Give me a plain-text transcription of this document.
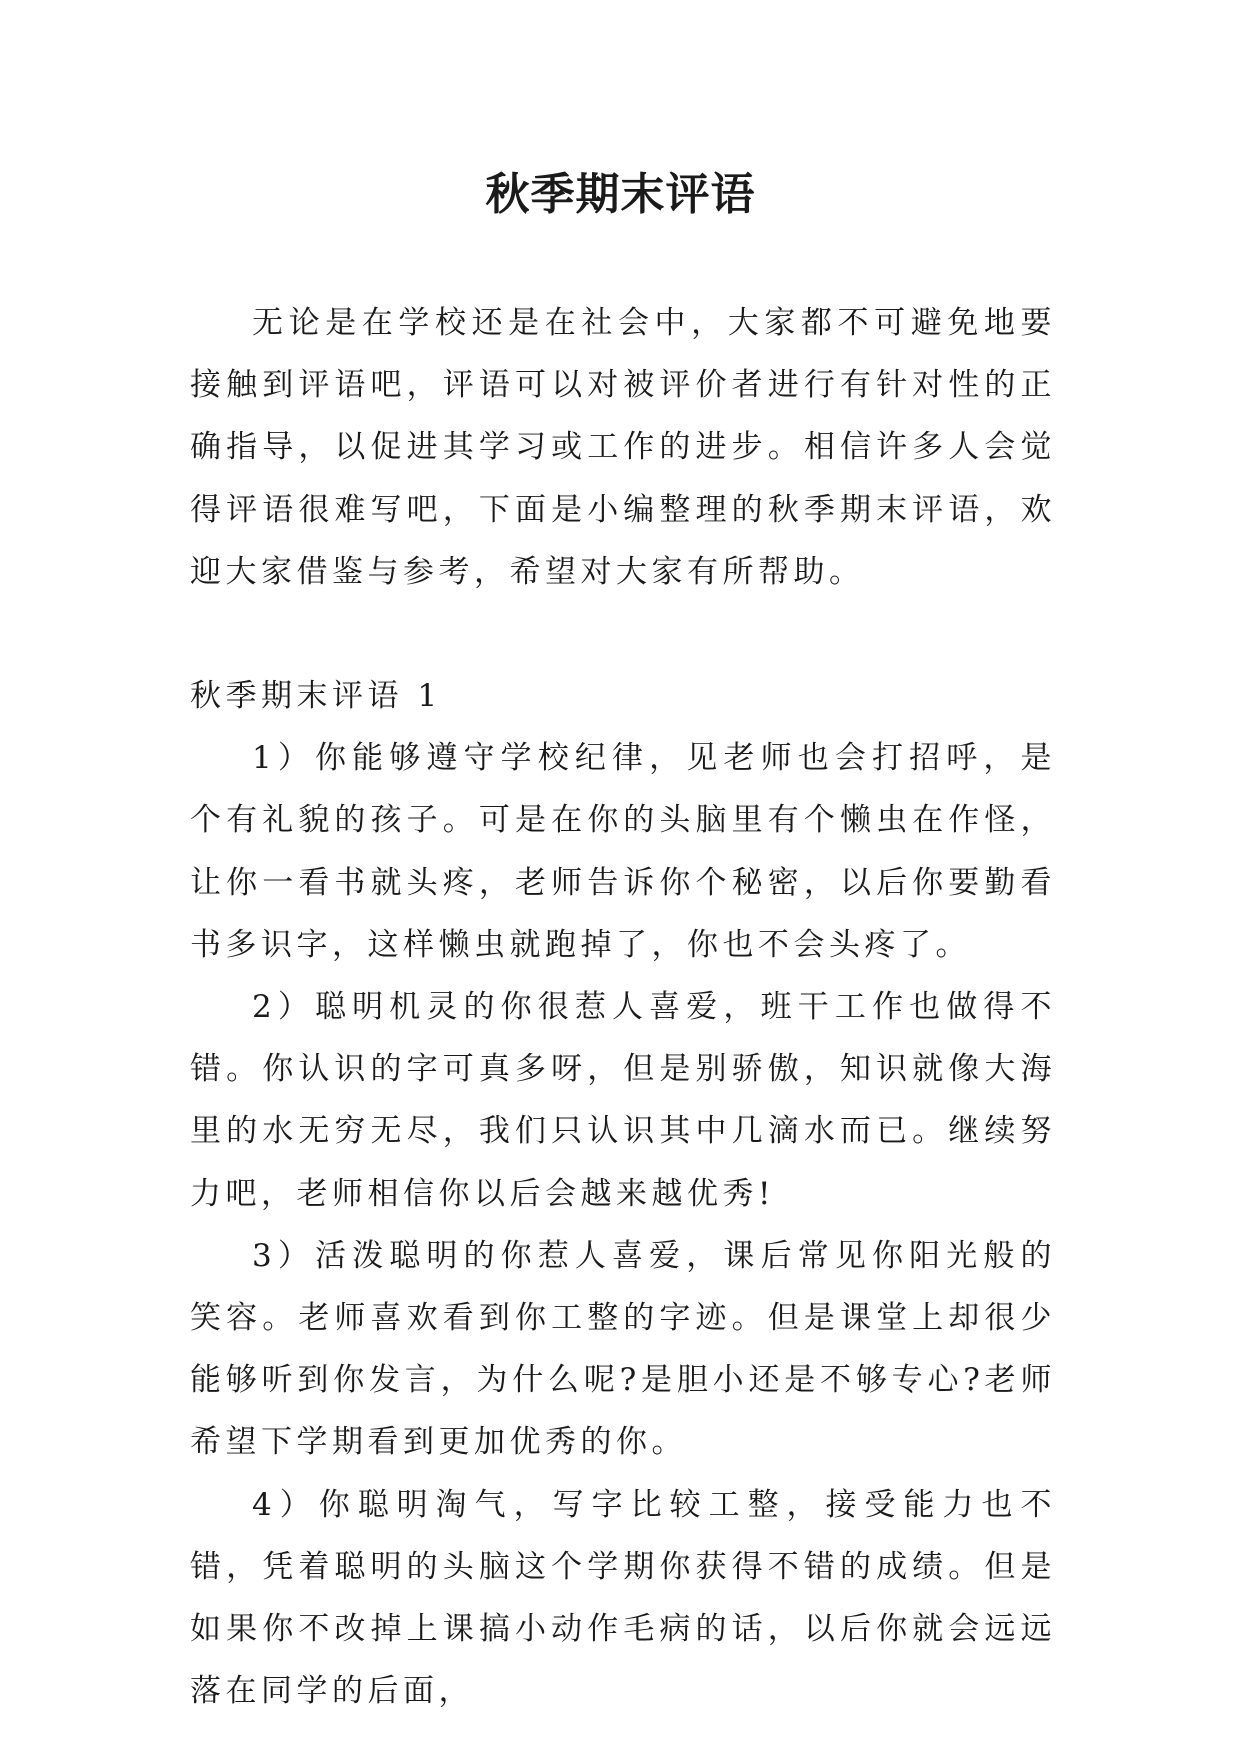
秋季期末评语

无论是在学校还是在社会中，大家都不可避免地要接触到评语吧，评语可以对被评价者进行有针对性的正确指导，以促进其学习或工作的进步。相信许多人会觉得评语很难写吧，下面是小编整理的秋季期末评语，欢迎大家借鉴与参考，希望对大家有所帮助。

秋季期末评语 1

1）你能够遵守学校纪律，见老师也会打招呼，是个有礼貌的孩子。可是在你的头脑里有个懒虫在作怪，让你一看书就头疼，老师告诉你个秘密，以后你要勤看书多识字，这样懒虫就跑掉了，你也不会头疼了。

2）聪明机灵的你很惹人喜爱，班干工作也做得不错。你认识的字可真多呀，但是别骄傲，知识就像大海里的水无穷无尽，我们只认识其中几滴水而已。继续努力吧，老师相信你以后会越来越优秀!

3）活泼聪明的你惹人喜爱，课后常见你阳光般的笑容。老师喜欢看到你工整的字迹。但是课堂上却很少能够听到你发言，为什么呢?是胆小还是不够专心?老师希望下学期看到更加优秀的你。

4）你聪明淘气，写字比较工整，接受能力也不错，凭着聪明的头脑这个学期你获得不错的成绩。但是如果你不改掉上课搞小动作毛病的话，以后你就会远远落在同学的后面，
